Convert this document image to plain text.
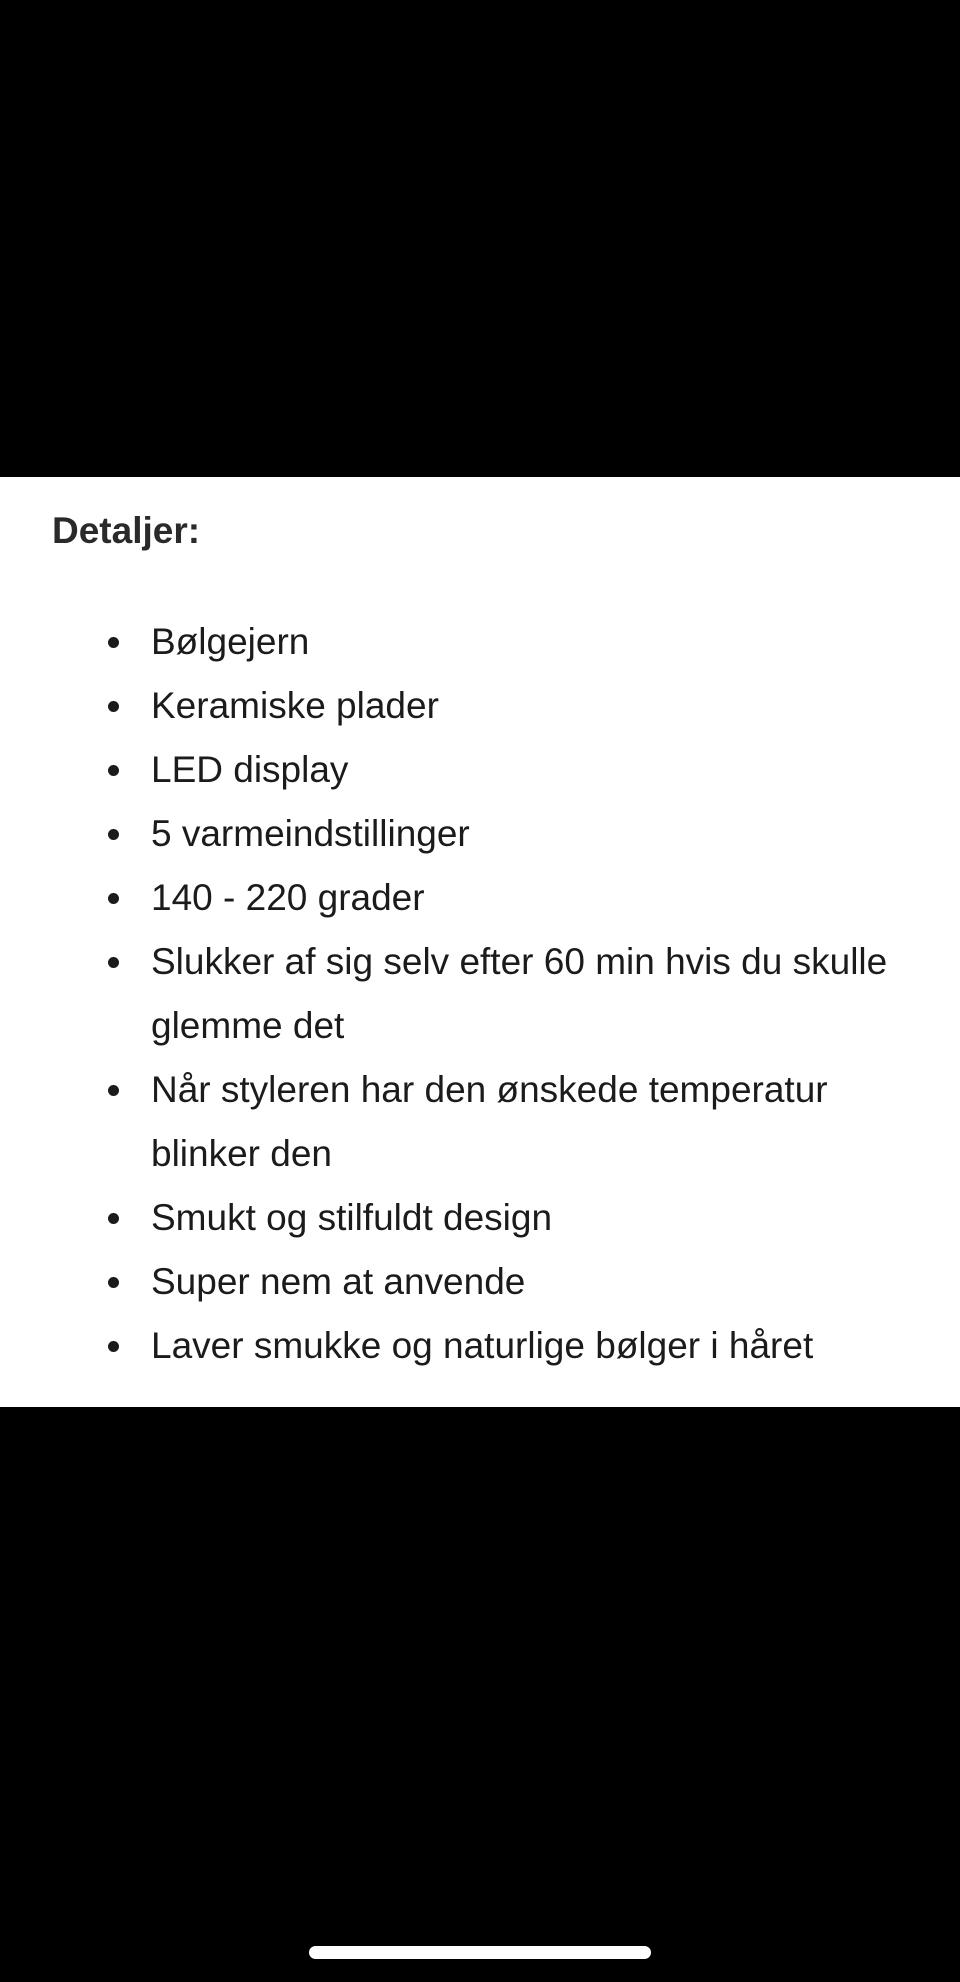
Detaljer:
Bølgejern
Keramiske plader
LED display
5 varmeindstillinger
140 - 220 grader
Slukker af sig selv efter 60 min hvis du skulle glemme det
Når styleren har den ønskede temperatur blinker den
Smukt og stilfuldt design
Super nem at anvende
Laver smukke og naturlige bølger i håret
